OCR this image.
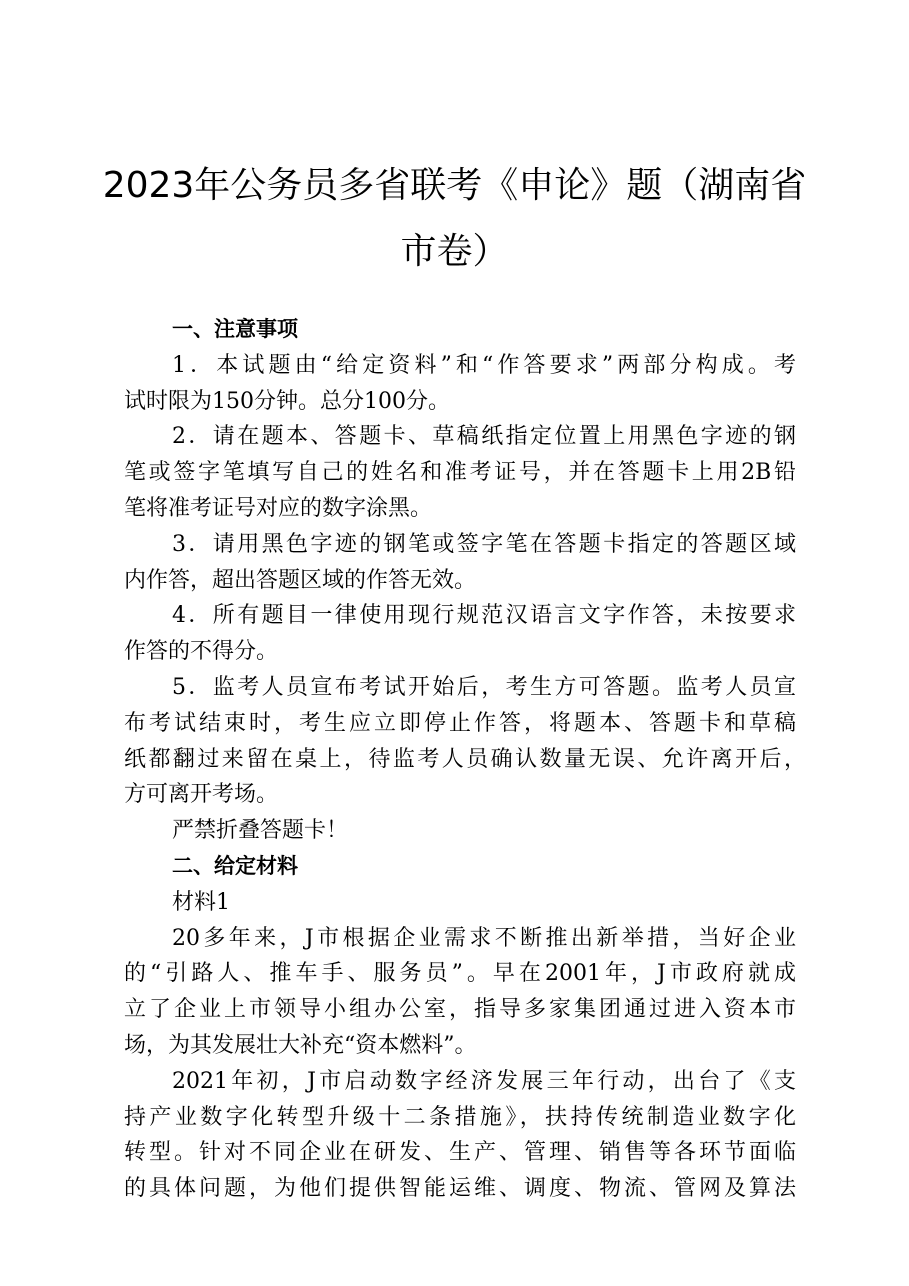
2023年公务员多省联考《申论》题（湖南省
市卷）
一、注意事项
1．本试题由“给定资料”和“作答要求”两部分构成。考
试时限为150分钟。总分100分。
2．请在题本、答题卡、草稿纸指定位置上用黑色字迹的钢
笔或签字笔填写自己的姓名和准考证号，并在答题卡上用2B铅
笔将准考证号对应的数字涂黑。
3．请用黑色字迹的钢笔或签字笔在答题卡指定的答题区域
内作答，超出答题区域的作答无效。
4．所有题目一律使用现行规范汉语言文字作答，未按要求
作答的不得分。
5．监考人员宣布考试开始后，考生方可答题。监考人员宣
布考试结束时，考生应立即停止作答，将题本、答题卡和草稿
纸都翻过来留在桌上，待监考人员确认数量无误、允许离开后，
方可离开考场。
严禁折叠答题卡！
二、给定材料
材料1
20多年来，J市根据企业需求不断推出新举措，当好企业
的“引路人、推车手、服务员”。早在2001年，J市政府就成
立了企业上市领导小组办公室，指导多家集团通过进入资本市
场，为其发展壮大补充“资本燃料”。
2021年初，J市启动数字经济发展三年行动，出台了《支
持产业数字化转型升级十二条措施》，扶持传统制造业数字化
转型。针对不同企业在研发、生产、管理、销售等各环节面临
的具体问题，为他们提供智能运维、调度、物流、管网及算法
